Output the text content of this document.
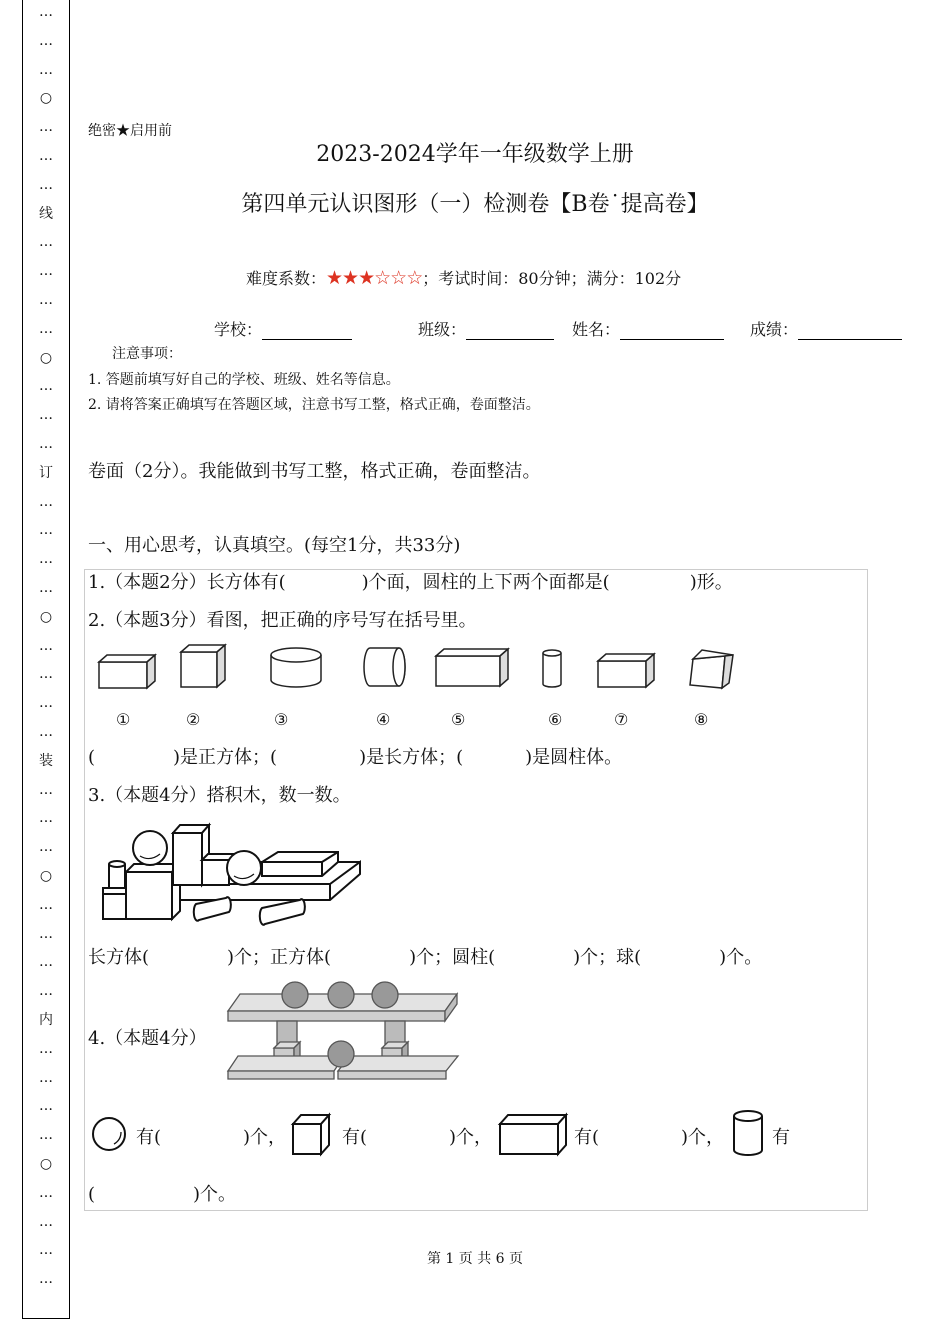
…
…
…
○
…
…
…
线
…
…
…
…
○
…
…
…
订
…
…
…
…
○
…
…
…
…
装
…
…
…
○
…
…
…
…
内
…
…
…
…
○
…
…
…
…
绝密★启用前
2023-2024学年一年级数学上册
第四单元认识图形（一）检测卷【B卷˙提高卷】
难度系数：★★★☆☆☆；考试时间：80分钟；满分：102分
学校：	班级：	姓名：	成绩：
注意事项：
1. 答题前填写好自己的学校、班级、姓名等信息。
2. 请将答案正确填写在答题区域，注意书写工整，格式正确，卷面整洁。
卷面（2分）。我能做到书写工整，格式正确，卷面整洁。
一、用心思考，认真填空。(每空1分，共33分)
1.（本题2分）长方体有(	)个面，圆柱的上下两个面都是(	)形。
2.（本题3分）看图，把正确的序号写在括号里。
①	②	③	④	⑤	⑥	⑦	⑧
(	)是正方体；(	)是长方体；(	)是圆柱体。
3.（本题4分）搭积木，数一数。
长方体(	)个；正方体(	)个；圆柱(	)个；球(	)个。
4.（本题4分）
有(	)个，	有(	)个，	有(	)个，	有
(	)个。
第 1 页 共 6 页
